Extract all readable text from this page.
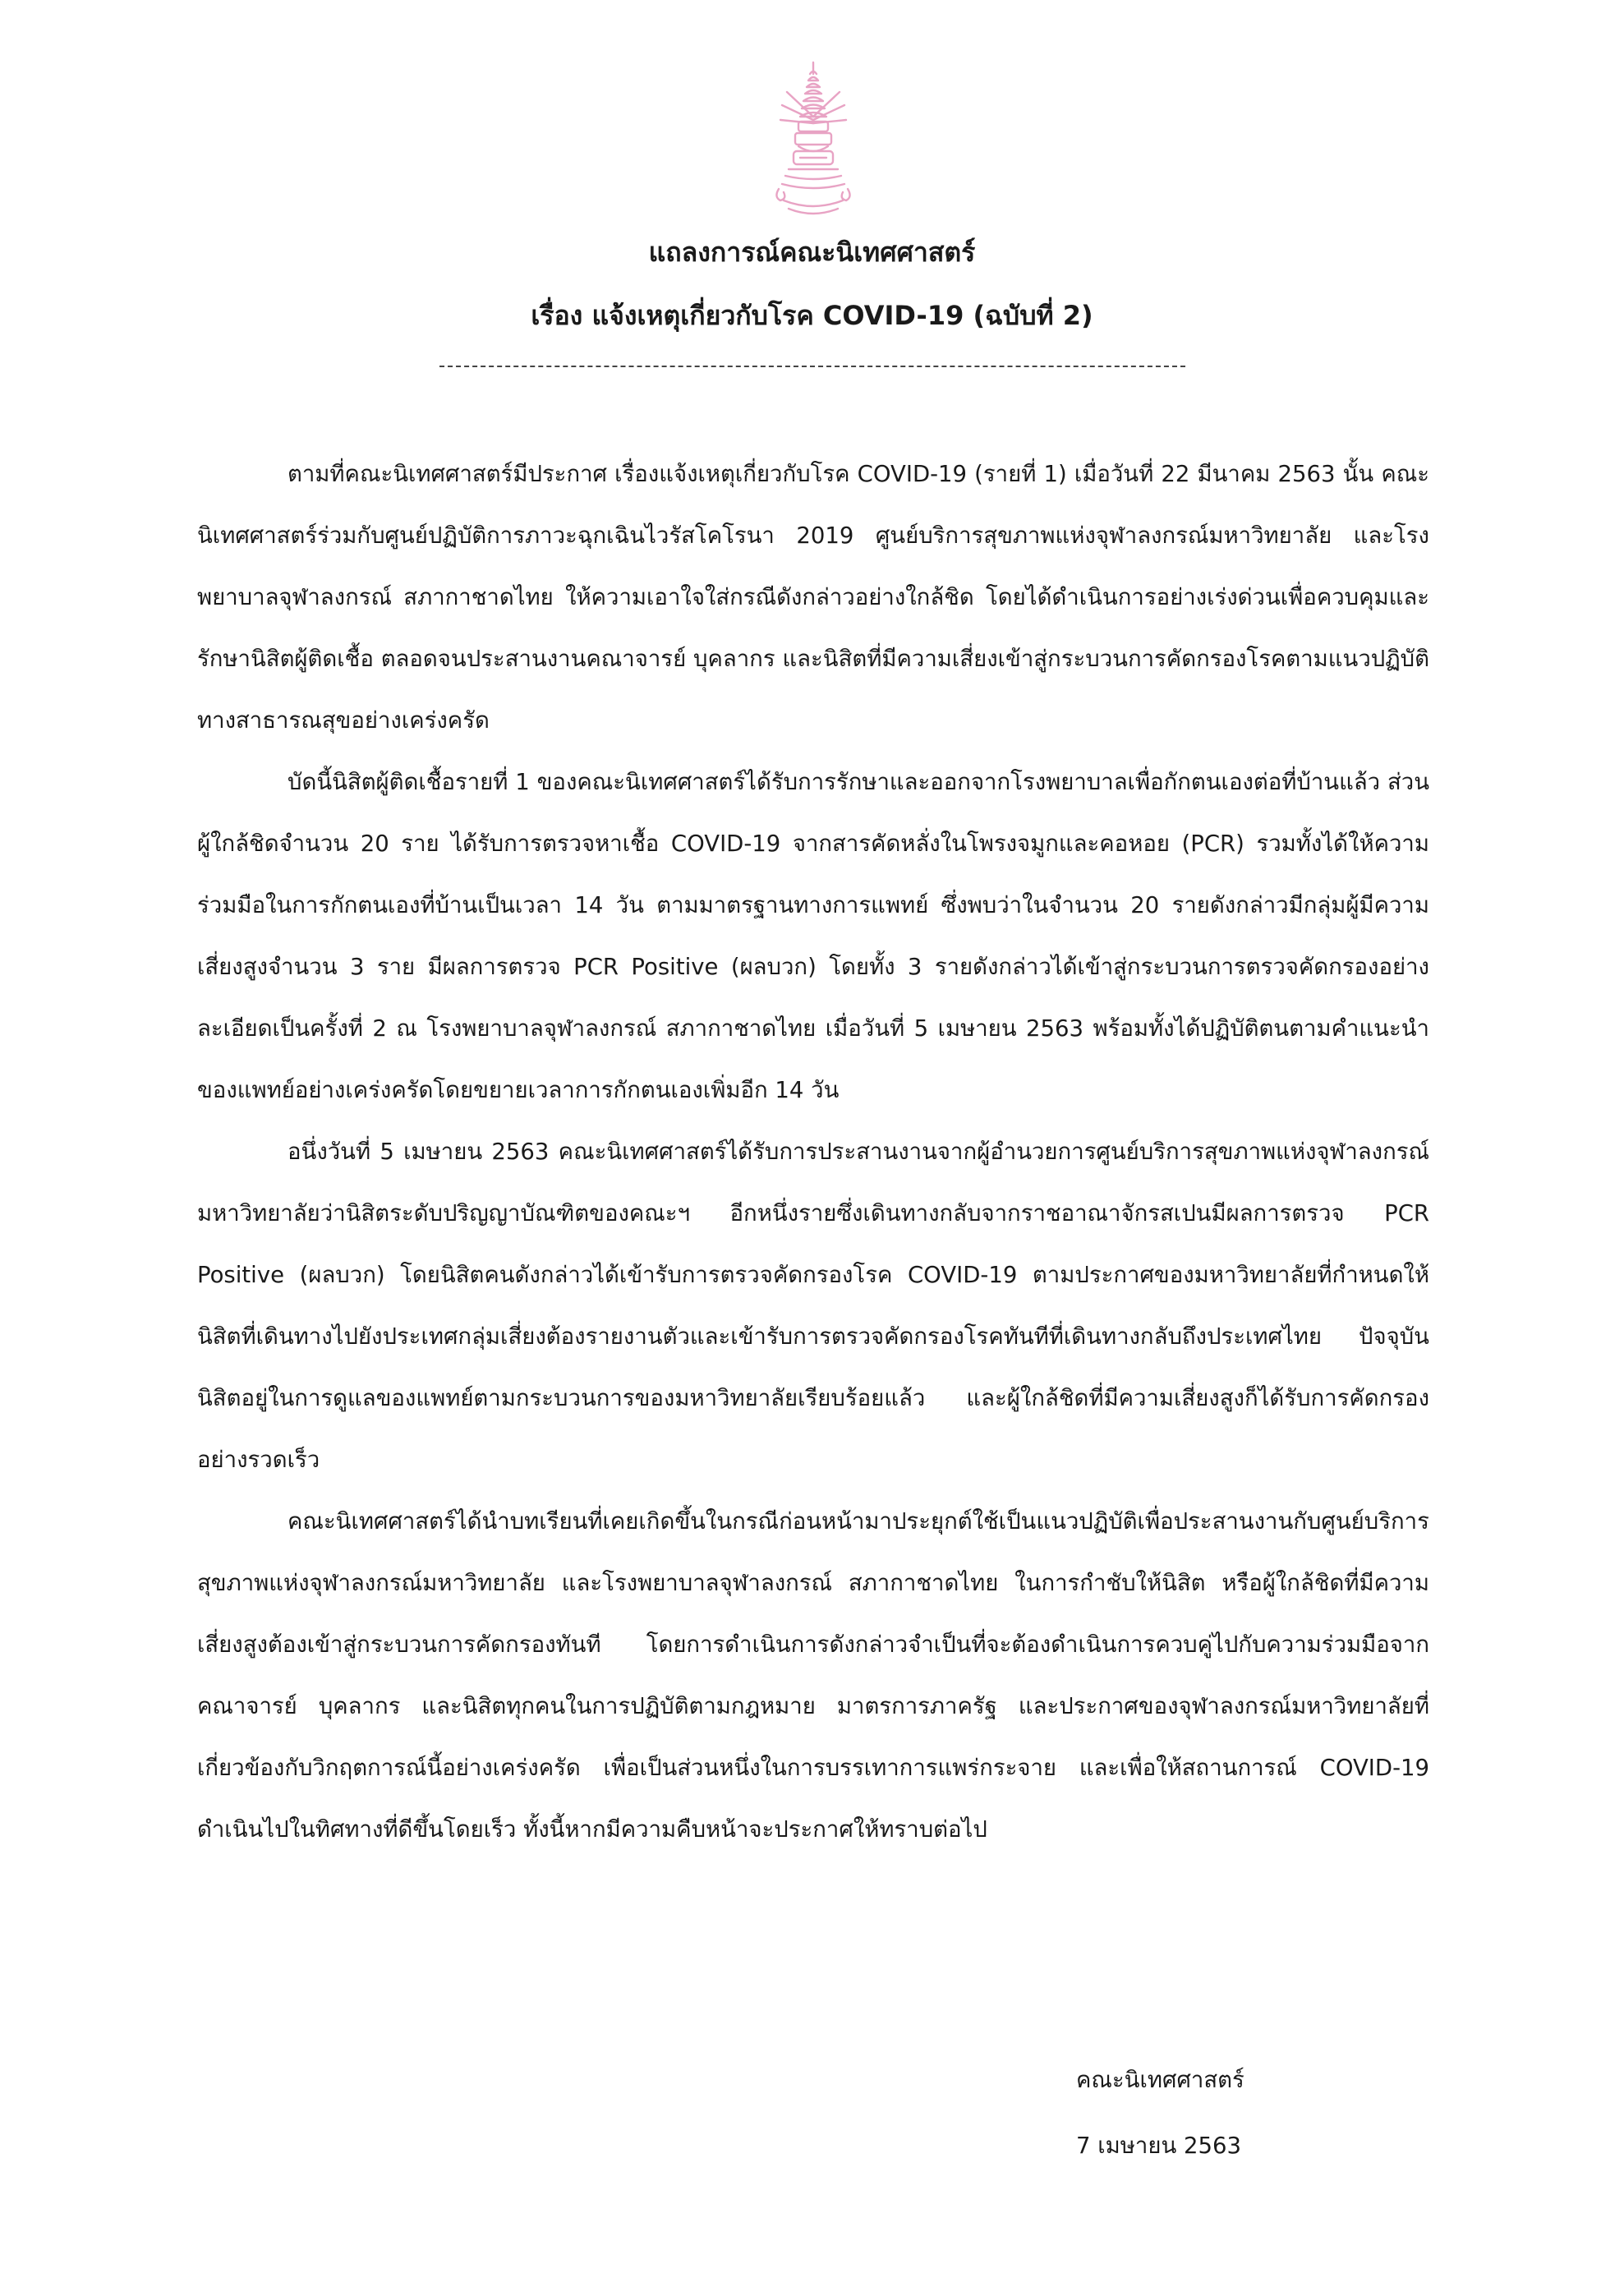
แถลงการณ์คณะนิเทศศาสตร์
เรื่อง แจ้งเหตุเกี่ยวกับโรค COVID-19 (ฉบับที่ 2)

ตามที่คณะนิเทศศาสตร์มีประกาศ เรื่องแจ้งเหตุเกี่ยวกับโรค COVID-19 (รายที่ 1) เมื่อวันที่ 22 มีนาคม 2563 นั้น คณะนิเทศศาสตร์ร่วมกับศูนย์ปฏิบัติการภาวะฉุกเฉินไวรัสโคโรนา 2019 ศูนย์บริการสุขภาพแห่งจุฬาลงกรณ์มหาวิทยาลัย และโรงพยาบาลจุฬาลงกรณ์ สภากาชาดไทย ให้ความเอาใจใส่กรณีดังกล่าวอย่างใกล้ชิด โดยได้ดำเนินการอย่างเร่งด่วนเพื่อควบคุมและรักษานิสิตผู้ติดเชื้อ ตลอดจนประสานงานคณาจารย์ บุคลากร และนิสิตที่มีความเสี่ยงเข้าสู่กระบวนการคัดกรองโรคตามแนวปฏิบัติทางสาธารณสุขอย่างเคร่งครัด

บัดนี้นิสิตผู้ติดเชื้อรายที่ 1 ของคณะนิเทศศาสตร์ได้รับการรักษาและออกจากโรงพยาบาลเพื่อกักตนเองต่อที่บ้านแล้ว ส่วนผู้ใกล้ชิดจำนวน 20 ราย ได้รับการตรวจหาเชื้อ COVID-19 จากสารคัดหลั่งในโพรงจมูกและคอหอย (PCR) รวมทั้งได้ให้ความร่วมมือในการกักตนเองที่บ้านเป็นเวลา 14 วัน ตามมาตรฐานทางการแพทย์ ซึ่งพบว่าในจำนวน 20 รายดังกล่าวมีกลุ่มผู้มีความเสี่ยงสูงจำนวน 3 ราย มีผลการตรวจ PCR Positive (ผลบวก) โดยทั้ง 3 รายดังกล่าวได้เข้าสู่กระบวนการตรวจคัดกรองอย่างละเอียดเป็นครั้งที่ 2 ณ โรงพยาบาลจุฬาลงกรณ์ สภากาชาดไทย เมื่อวันที่ 5 เมษายน 2563 พร้อมทั้งได้ปฏิบัติตนตามคำแนะนำของแพทย์อย่างเคร่งครัดโดยขยายเวลาการกักตนเองเพิ่มอีก 14 วัน

อนึ่งวันที่ 5 เมษายน 2563 คณะนิเทศศาสตร์ได้รับการประสานงานจากผู้อำนวยการศูนย์บริการสุขภาพแห่งจุฬาลงกรณ์มหาวิทยาลัยว่านิสิตระดับปริญญาบัณฑิตของคณะฯ อีกหนึ่งรายซึ่งเดินทางกลับจากราชอาณาจักรสเปนมีผลการตรวจ PCR Positive (ผลบวก) โดยนิสิตคนดังกล่าวได้เข้ารับการตรวจคัดกรองโรค COVID-19 ตามประกาศของมหาวิทยาลัยที่กำหนดให้นิสิตที่เดินทางไปยังประเทศกลุ่มเสี่ยงต้องรายงานตัวและเข้ารับการตรวจคัดกรองโรคทันทีที่เดินทางกลับถึงประเทศไทย ปัจจุบันนิสิตอยู่ในการดูแลของแพทย์ตามกระบวนการของมหาวิทยาลัยเรียบร้อยแล้ว และผู้ใกล้ชิดที่มีความเสี่ยงสูงก็ได้รับการคัดกรองอย่างรวดเร็ว

คณะนิเทศศาสตร์ได้นำบทเรียนที่เคยเกิดขึ้นในกรณีก่อนหน้ามาประยุกต์ใช้เป็นแนวปฏิบัติเพื่อประสานงานกับศูนย์บริการสุขภาพแห่งจุฬาลงกรณ์มหาวิทยาลัย และโรงพยาบาลจุฬาลงกรณ์ สภากาชาดไทย ในการกำชับให้นิสิต หรือผู้ใกล้ชิดที่มีความเสี่ยงสูงต้องเข้าสู่กระบวนการคัดกรองทันที โดยการดำเนินการดังกล่าวจำเป็นที่จะต้องดำเนินการควบคู่ไปกับความร่วมมือจากคณาจารย์ บุคลากร และนิสิตทุกคนในการปฏิบัติตามกฎหมาย มาตรการภาครัฐ และประกาศของจุฬาลงกรณ์มหาวิทยาลัยที่เกี่ยวข้องกับวิกฤตการณ์นี้อย่างเคร่งครัด เพื่อเป็นส่วนหนึ่งในการบรรเทาการแพร่กระจาย และเพื่อให้สถานการณ์ COVID-19 ดำเนินไปในทิศทางที่ดีขึ้นโดยเร็ว ทั้งนี้หากมีความคืบหน้าจะประกาศให้ทราบต่อไป

คณะนิเทศศาสตร์
7 เมษายน 2563
